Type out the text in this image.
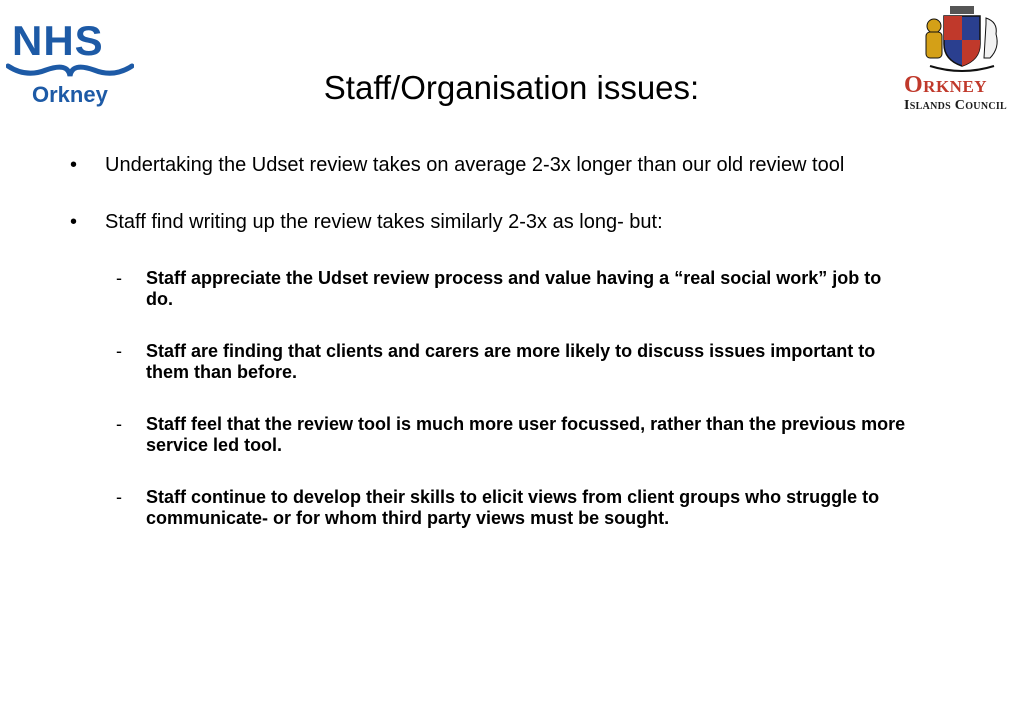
NHS
Orkney	Orkney
Islands Council
Staff/Organisation issues:
• Undertaking the Udset review takes on average 2-3x longer than our old review tool
• Staff find writing up the review takes similarly 2-3x as long- but:
- Staff appreciate the Udset review process and value having a “real social work” job to do.
- Staff are finding that clients and carers are more likely to discuss issues important to them than before.
- Staff feel that the review tool is much more user focussed, rather than the previous more service led tool.
- Staff continue to develop their skills to elicit views from client groups who struggle to communicate- or for whom third party views must be sought.
